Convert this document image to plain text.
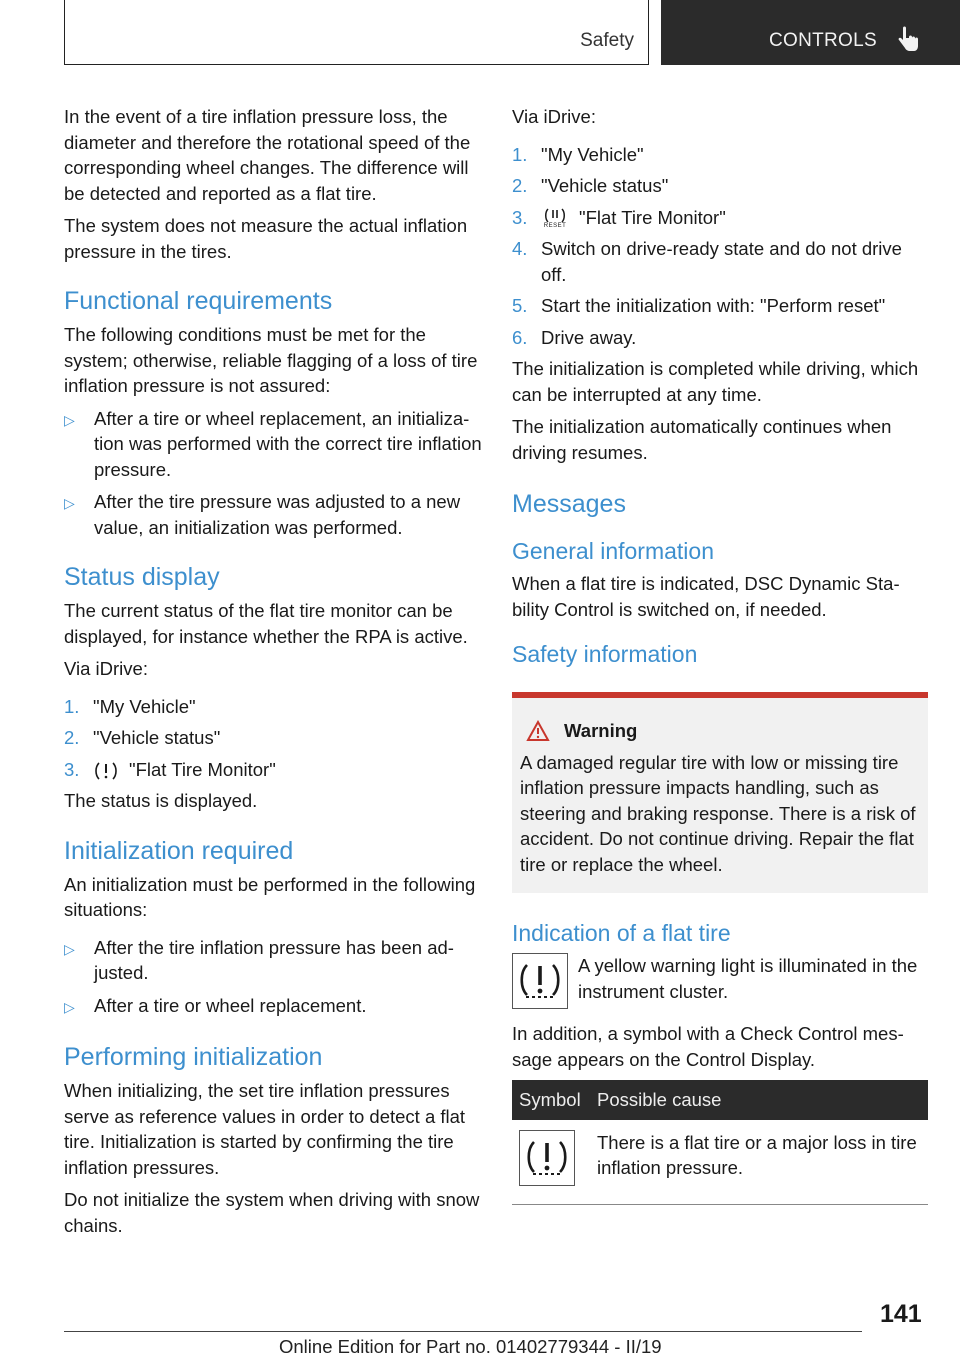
Safety	CONTROLS

In the event of a tire inflation pressure loss, the diameter and therefore the rotational speed of the corresponding wheel changes. The difference will be detected and reported as a flat tire.

The system does not measure the actual inflation pressure in the tires.

Functional requirements

The following conditions must be met for the system; otherwise, reliable flagging of a loss of tire inflation pressure is not assured:

▷	After a tire or wheel replacement, an initialization was performed with the correct tire inflation pressure.
▷	After the tire pressure was adjusted to a new value, an initialization was performed.
Status display

The current status of the flat tire monitor can be displayed, for instance whether the RPA is active.

Via iDrive:

1. "My Vehicle"
2. "Vehicle status"
3.	"Flat Tire Monitor"

The status is displayed.

Initialization required

An initialization must be performed in the following situations:

▷	After the tire inflation pressure has been adjusted.
▷	After a tire or wheel replacement.
Performing initialization

When initializing, the set tire inflation pressures serve as reference values in order to detect a flat tire. Initialization is started by confirming the tire inflation pressures.

Do not initialize the system when driving with snow chains.

Via iDrive:

1. "My Vehicle"
2. "Vehicle status"
3.	RESET "Flat Tire Monitor"
4. Switch on drive-ready state and do not drive off.
5. Start the initialization with: "Perform reset"
6. Drive away.

The initialization is completed while driving, which can be interrupted at any time.

The initialization automatically continues when driving resumes.

Messages
General information

When a flat tire is indicated, DSC Dynamic Stability Control is switched on, if needed.

Safety information
Warning

A damaged regular tire with low or missing tire inflation pressure impacts handling, such as steering and braking response. There is a risk of accident. Do not continue driving. Repair the flat tire or replace the wheel.

Indication of a flat tire

A yellow warning light is illuminated in the instrument cluster.

In addition, a symbol with a Check Control message appears on the Control Display.

Symbol	Possible cause

	There is a flat tire or a major loss in tire inflation pressure.
141
Online Edition for Part no. 01402779344 - II/19
